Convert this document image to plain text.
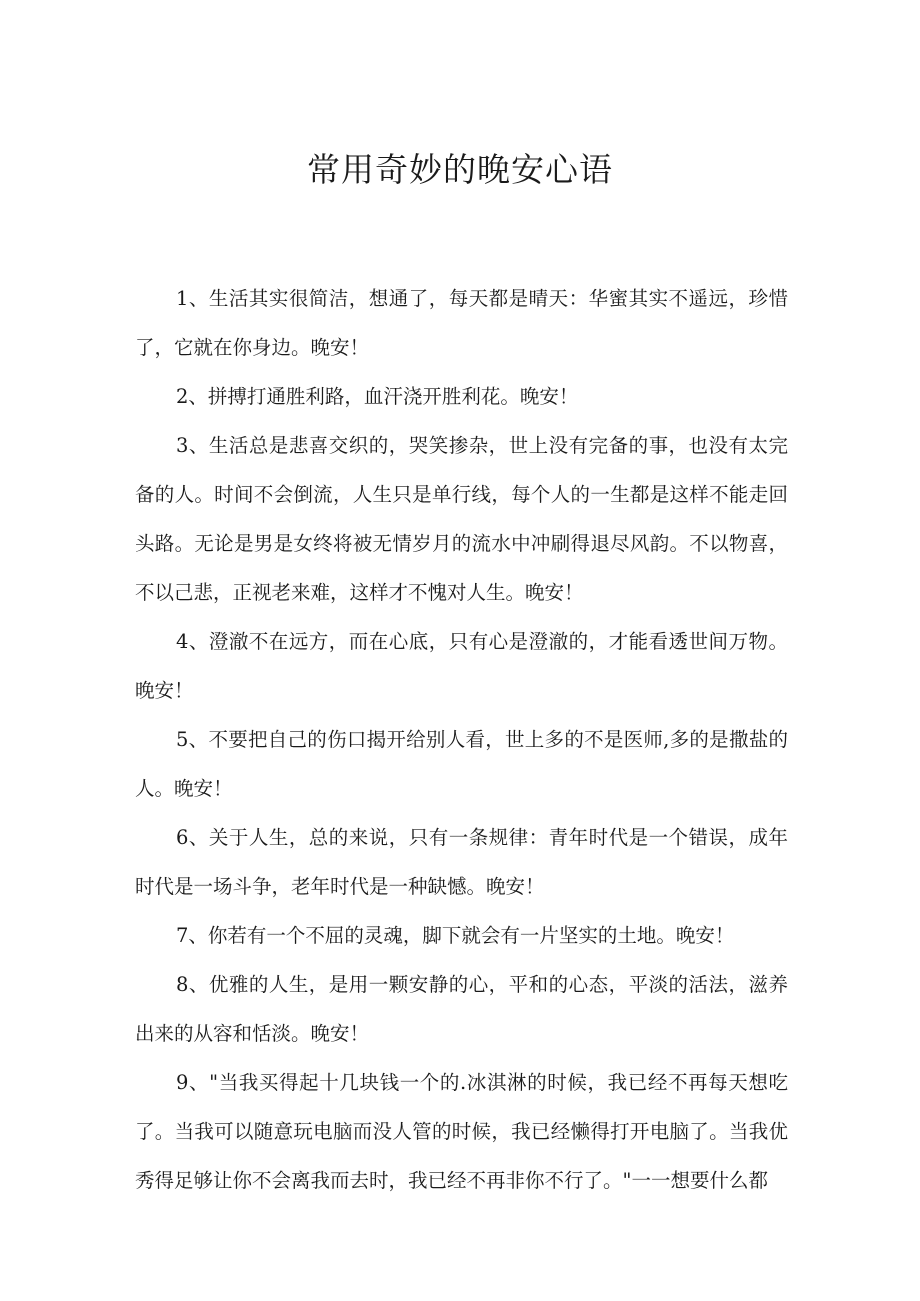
常用奇妙的晚安心语

1、生活其实很简洁，想通了，每天都是晴天：华蜜其实不遥远，珍惜了，它就在你身边。晚安！

2、拼搏打通胜利路，血汗浇开胜利花。晚安！

3、生活总是悲喜交织的，哭笑掺杂，世上没有完备的事，也没有太完备的人。时间不会倒流，人生只是单行线，每个人的一生都是这样不能走回头路。无论是男是女终将被无情岁月的流水中冲刷得退尽风韵。不以物喜，不以己悲，正视老来难，这样才不愧对人生。晚安！

4、澄澈不在远方，而在心底，只有心是澄澈的，才能看透世间万物。晚安！

5、不要把自己的伤口揭开给别人看，世上多的不是医师,多的是撒盐的人。晚安！

6、关于人生，总的来说，只有一条规律：青年时代是一个错误，成年时代是一场斗争，老年时代是一种缺憾。晚安！

7、你若有一个不屈的灵魂，脚下就会有一片坚实的土地。晚安！

8、优雅的人生，是用一颗安静的心，平和的心态，平淡的活法，滋养出来的从容和恬淡。晚安！

9、"当我买得起十几块钱一个的.冰淇淋的时候，我已经不再每天想吃了。当我可以随意玩电脑而没人管的时候，我已经懒得打开电脑了。当我优秀得足够让你不会离我而去时，我已经不再非你不行了。"一一想要什么都
